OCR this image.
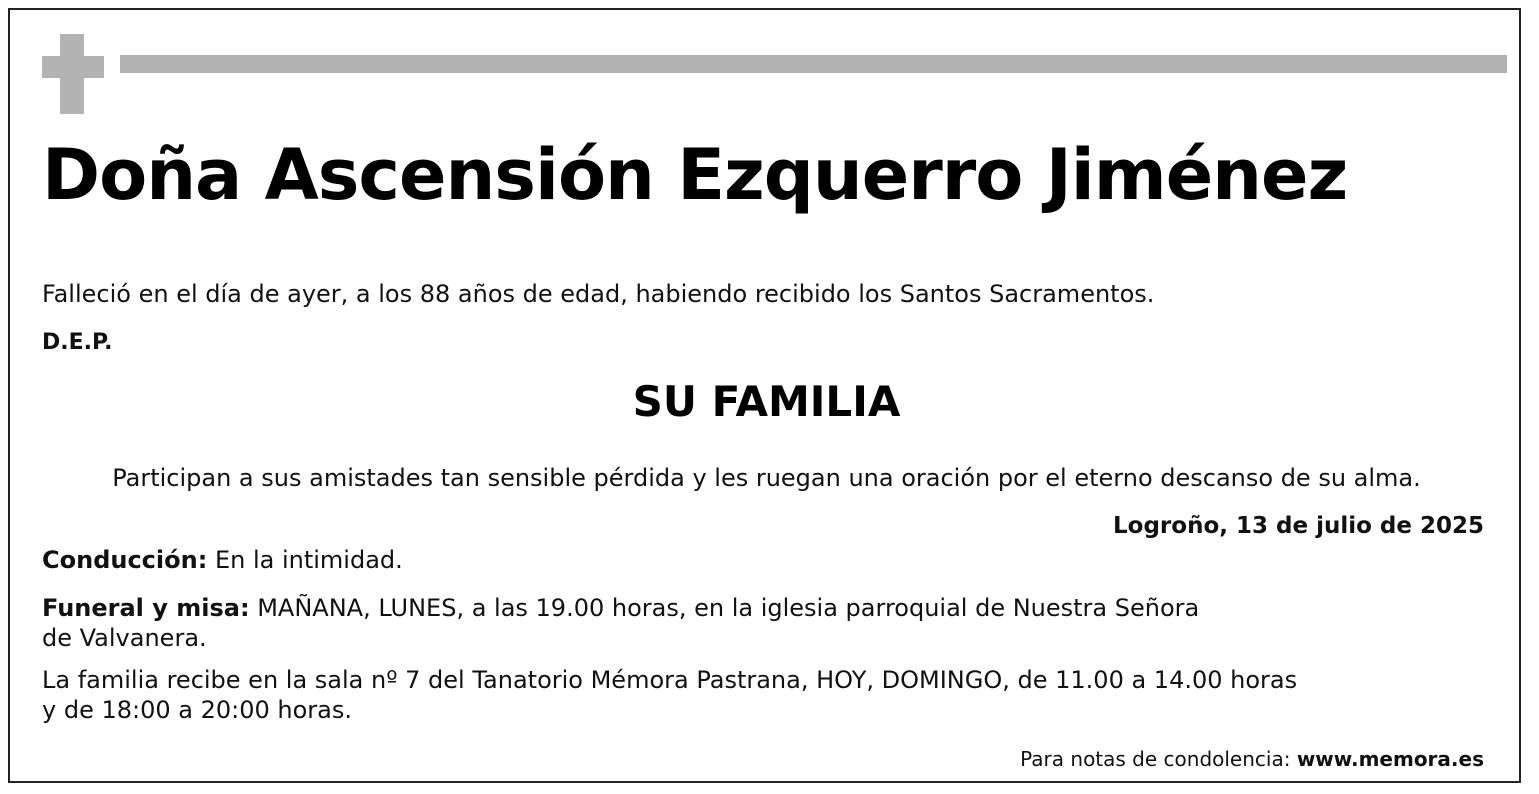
Doña Ascensión Ezquerro Jiménez

Falleció en el día de ayer, a los 88 años de edad, habiendo recibido los Santos Sacramentos.

D.E.P.

SU FAMILIA

Participan a sus amistades tan sensible pérdida y les ruegan una oración por el eterno descanso de su alma.

Logroño, 13 de julio de 2025

Conducción: En la intimidad.

Funeral y misa: MAÑANA, LUNES, a las 19.00 horas, en la iglesia parroquial de Nuestra Señora

de Valvanera.

La familia recibe en la sala nº 7 del Tanatorio Mémora Pastrana, HOY, DOMINGO, de 11.00 a 14.00 horas

y de 18:00 a 20:00 horas.

Para notas de condolencia: www.memora.es
